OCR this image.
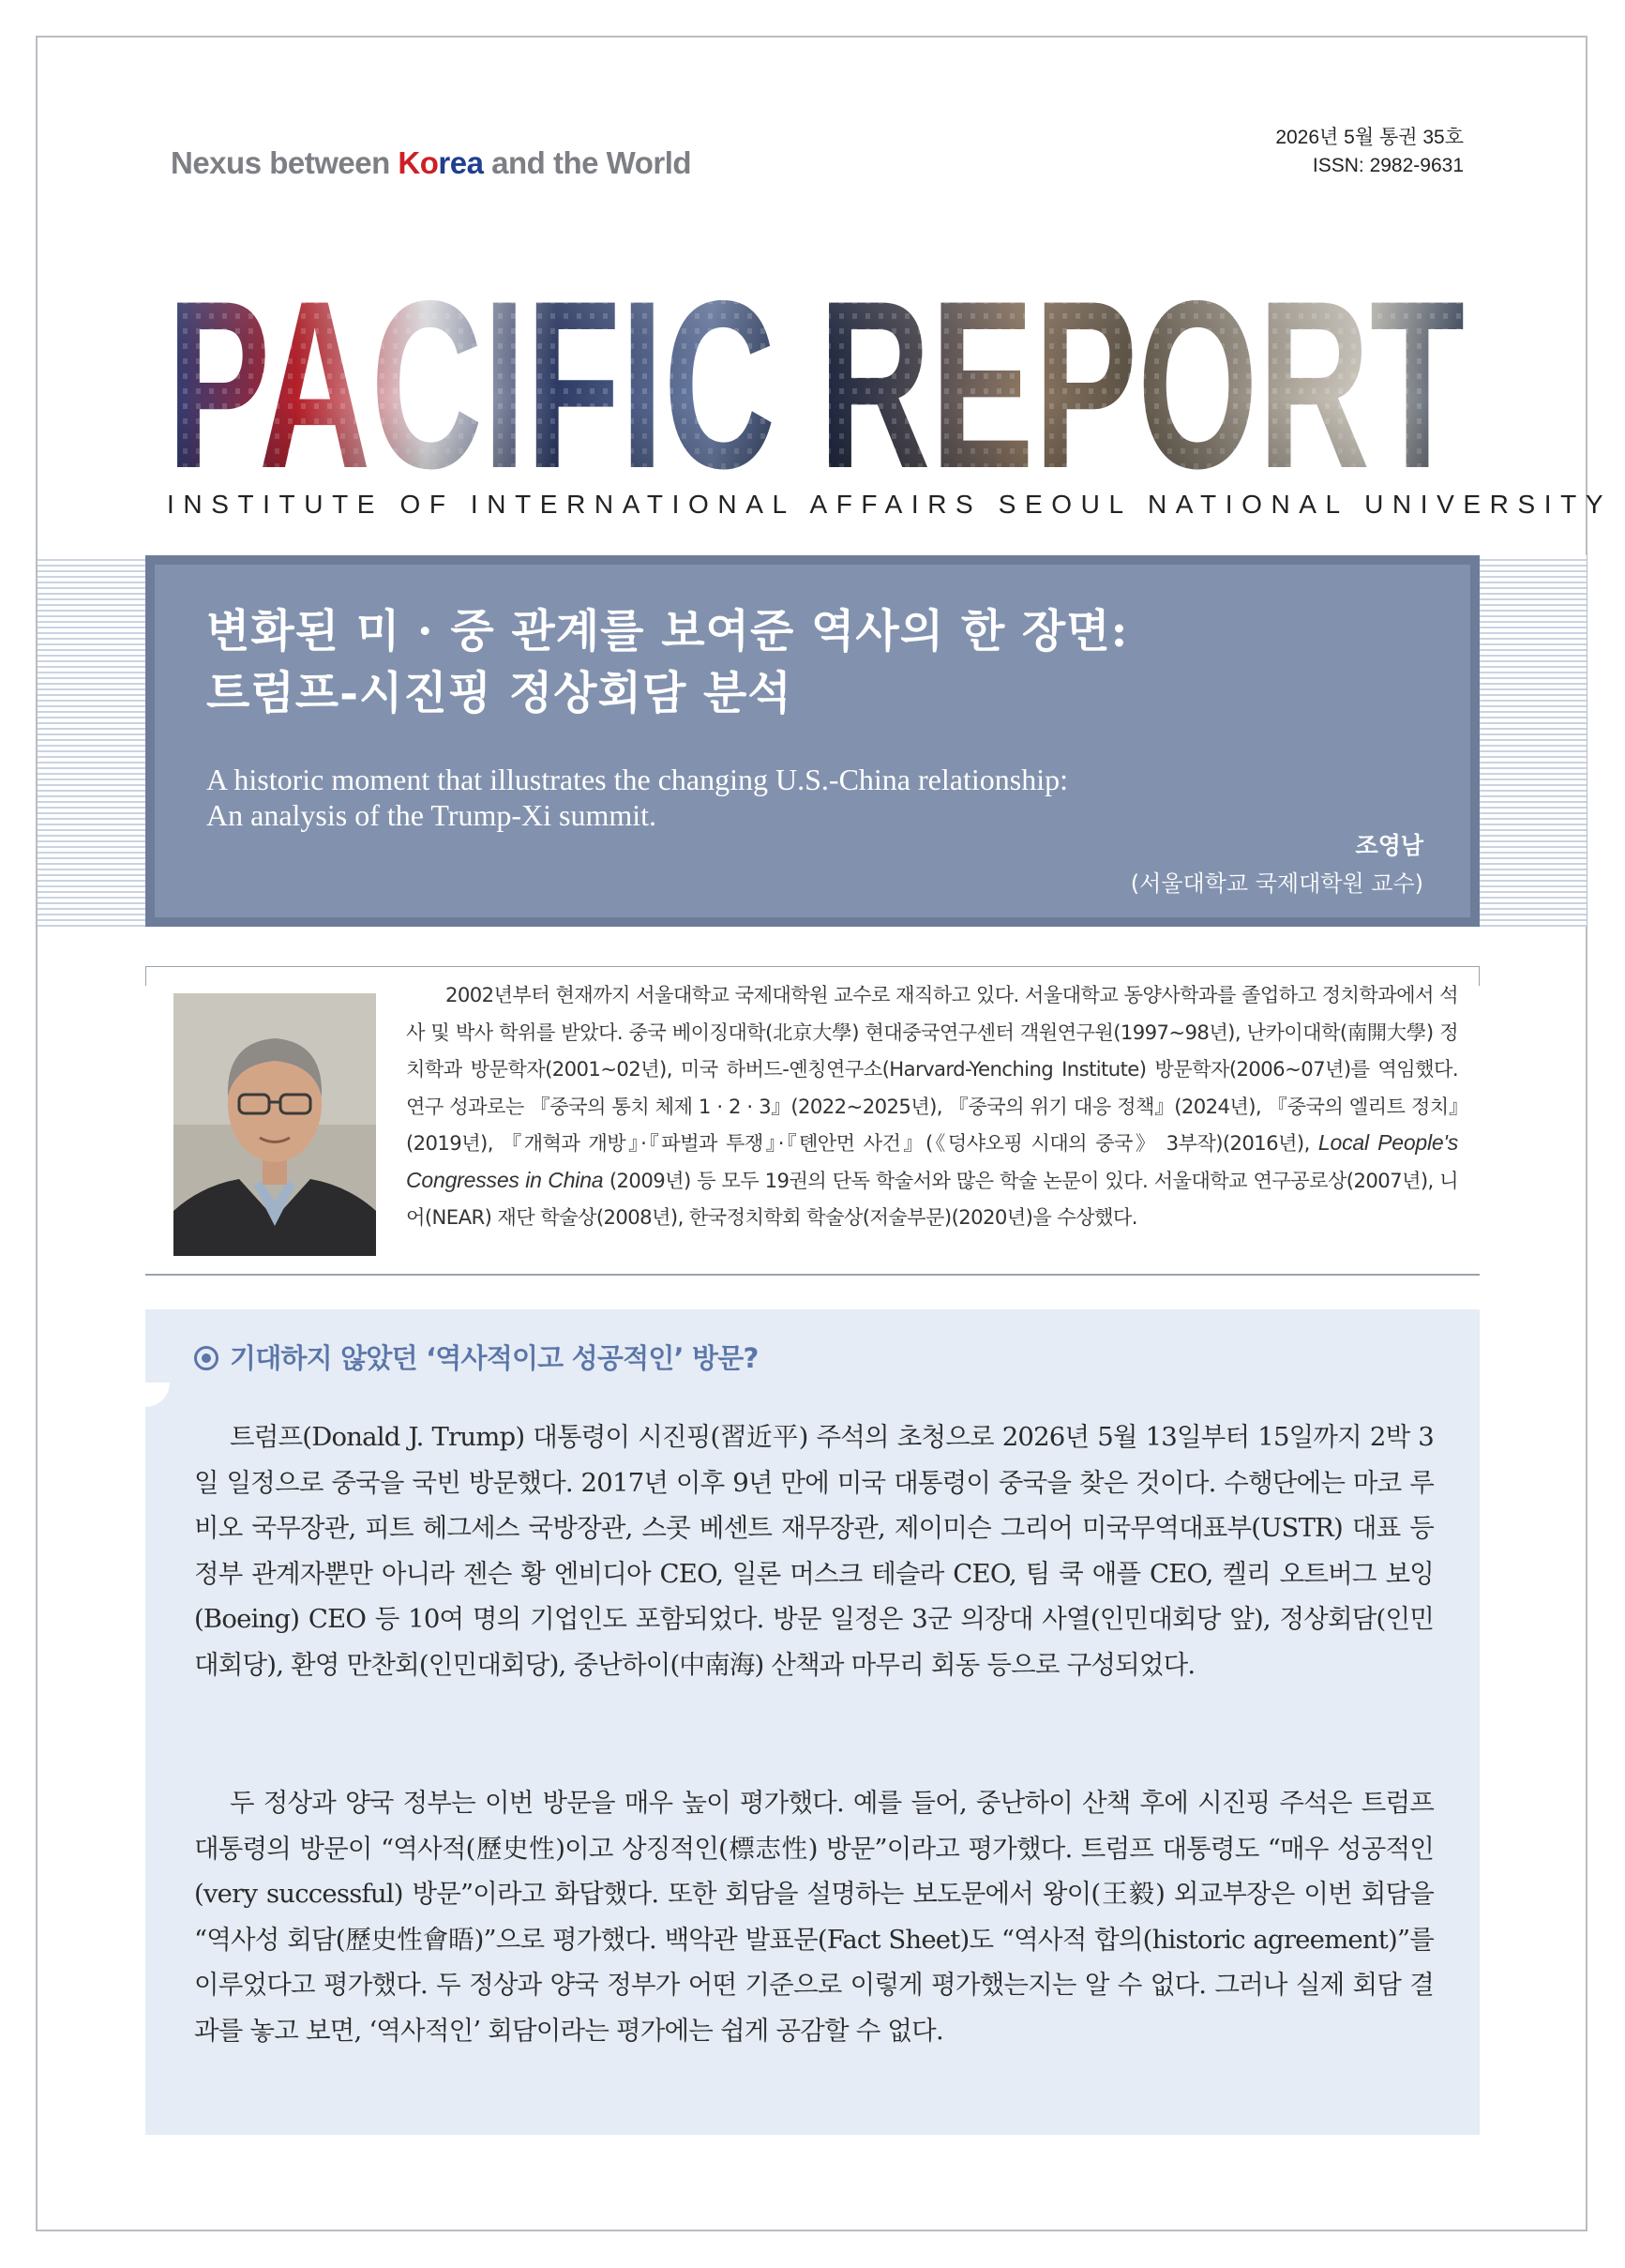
Nexus between Korea and the World
2026년 5월 통권 35호
ISSN: 2982-9631
PACIFIC REPORT
PACIFIC REPORT
PACIFIC REPORT
INSTITUTE OF INTERNATIONAL AFFAIRS SEOUL NATIONAL UNIVERSITY
변화된 미 · 중 관계를 보여준 역사의 한 장면:
트럼프-시진핑 정상회담 분석

A historic moment that illustrates the changing U.S.-China relationship:
An analysis of the Trump-Xi summit.

조영남
(서울대학교 국제대학원 교수)

2002년부터 현재까지 서울대학교 국제대학원 교수로 재직하고 있다. 서울대학교 동양사학과를 졸업하고 정치학과에서 석사 및 박사 학위를 받았다. 중국 베이징대학(北京大學) 현대중국연구센터 객원연구원(1997~98년), 난카이대학(南開大學) 정치학과 방문학자(2001~02년), 미국 하버드-옌칭연구소(Harvard-Yenching Institute) 방문학자(2006~07년)를 역임했다. 연구 성과로는 『중국의 통치 체제 1 · 2 · 3』(2022~2025년), 『중국의 위기 대응 정책』(2024년), 『중국의 엘리트 정치』(2019년), 『개혁과 개방』·『파벌과 투쟁』·『톈안먼 사건』(《덩샤오핑 시대의 중국》 3부작)(2016년), Local People's Congresses in China (2009년) 등 모두 19권의 단독 학술서와 많은 학술 논문이 있다. 서울대학교 연구공로상(2007년), 니어(NEAR) 재단 학술상(2008년), 한국정치학회 학술상(저술부문)(2020년)을 수상했다.

기대하지 않았던 ‘역사적이고 성공적인’ 방문?

트럼프(Donald J. Trump) 대통령이 시진핑(習近平) 주석의 초청으로 2026년 5월 13일부터 15일까지 2박 3일 일정으로 중국을 국빈 방문했다. 2017년 이후 9년 만에 미국 대통령이 중국을 찾은 것이다. 수행단에는 마코 루비오 국무장관, 피트 헤그세스 국방장관, 스콧 베센트 재무장관, 제이미슨 그리어 미국무역대표부(USTR) 대표 등 정부 관계자뿐만 아니라 젠슨 황 엔비디아 CEO, 일론 머스크 테슬라 CEO, 팀 쿡 애플 CEO, 켈리 오트버그 보잉(Boeing) CEO 등 10여 명의 기업인도 포함되었다. 방문 일정은 3군 의장대 사열(인민대회당 앞), 정상회담(인민대회당), 환영 만찬회(인민대회당), 중난하이(中南海) 산책과 마무리 회동 등으로 구성되었다.

두 정상과 양국 정부는 이번 방문을 매우 높이 평가했다. 예를 들어, 중난하이 산책 후에 시진핑 주석은 트럼프 대통령의 방문이 “역사적(歷史性)이고 상징적인(標志性) 방문”이라고 평가했다. 트럼프 대통령도 “매우 성공적인(very successful) 방문”이라고 화답했다. 또한 회담을 설명하는 보도문에서 왕이(王毅) 외교부장은 이번 회담을 “역사성 회담(歷史性會晤)”으로 평가했다. 백악관 발표문(Fact Sheet)도 “역사적 합의(historic agreement)”를 이루었다고 평가했다. 두 정상과 양국 정부가 어떤 기준으로 이렇게 평가했는지는 알 수 없다. 그러나 실제 회담 결과를 놓고 보면, ‘역사적인’ 회담이라는 평가에는 쉽게 공감할 수 없다.
